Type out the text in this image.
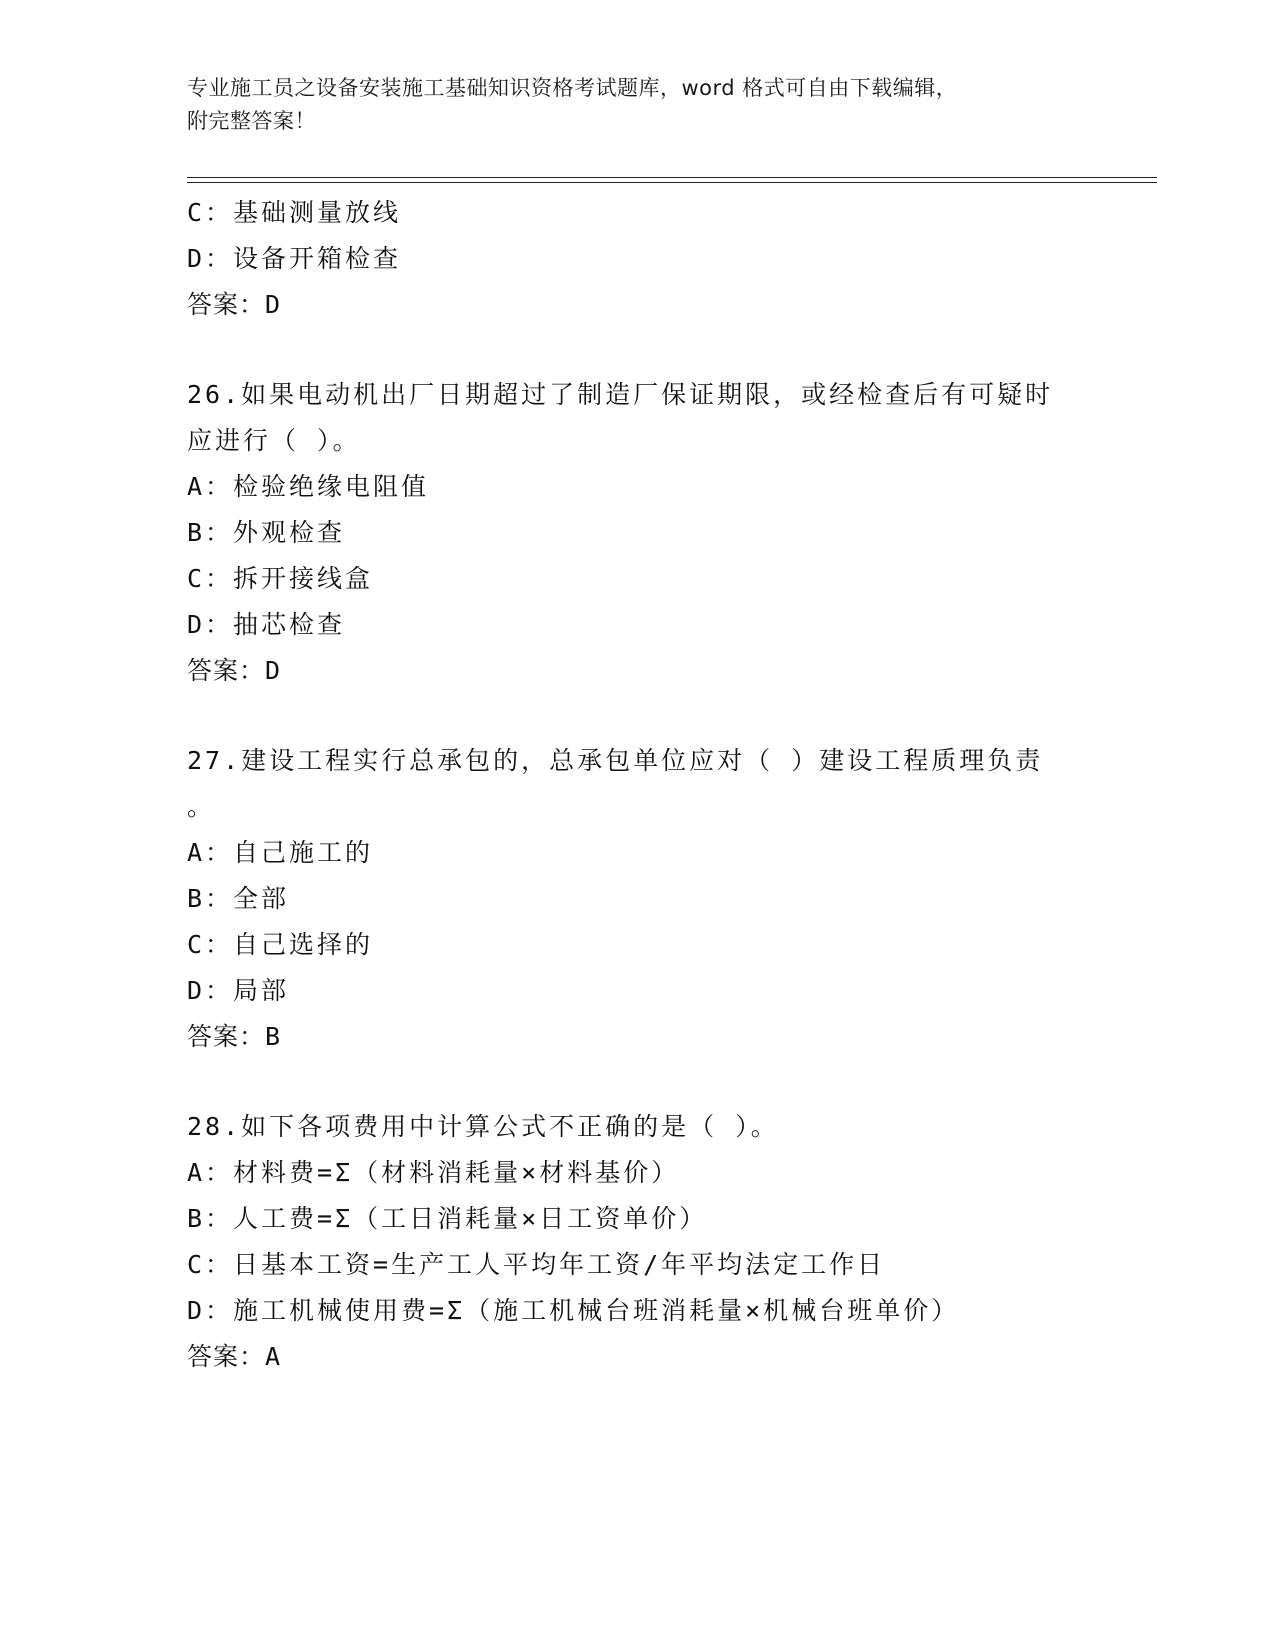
专业施工员之设备安装施工基础知识资格考试题库，word 格式可自由下载编辑，
附完整答案！
C：基础测量放线
D：设备开箱检查
答案：D
26.如果电动机出厂日期超过了制造厂保证期限，或经检查后有可疑时
应进行（ ）。
A：检验绝缘电阻值
B：外观检查
C：拆开接线盒
D：抽芯检查
答案：D
27.建设工程实行总承包的，总承包单位应对（ ）建设工程质理负责
。
A：自己施工的
B：全部
C：自己选择的
D：局部
答案：B
28.如下各项费用中计算公式不正确的是（ ）。
A：材料费=Σ（材料消耗量×材料基价）
B：人工费=Σ（工日消耗量×日工资单价）
C：日基本工资=生产工人平均年工资/年平均法定工作日
D：施工机械使用费=Σ（施工机械台班消耗量×机械台班单价）
答案：A
